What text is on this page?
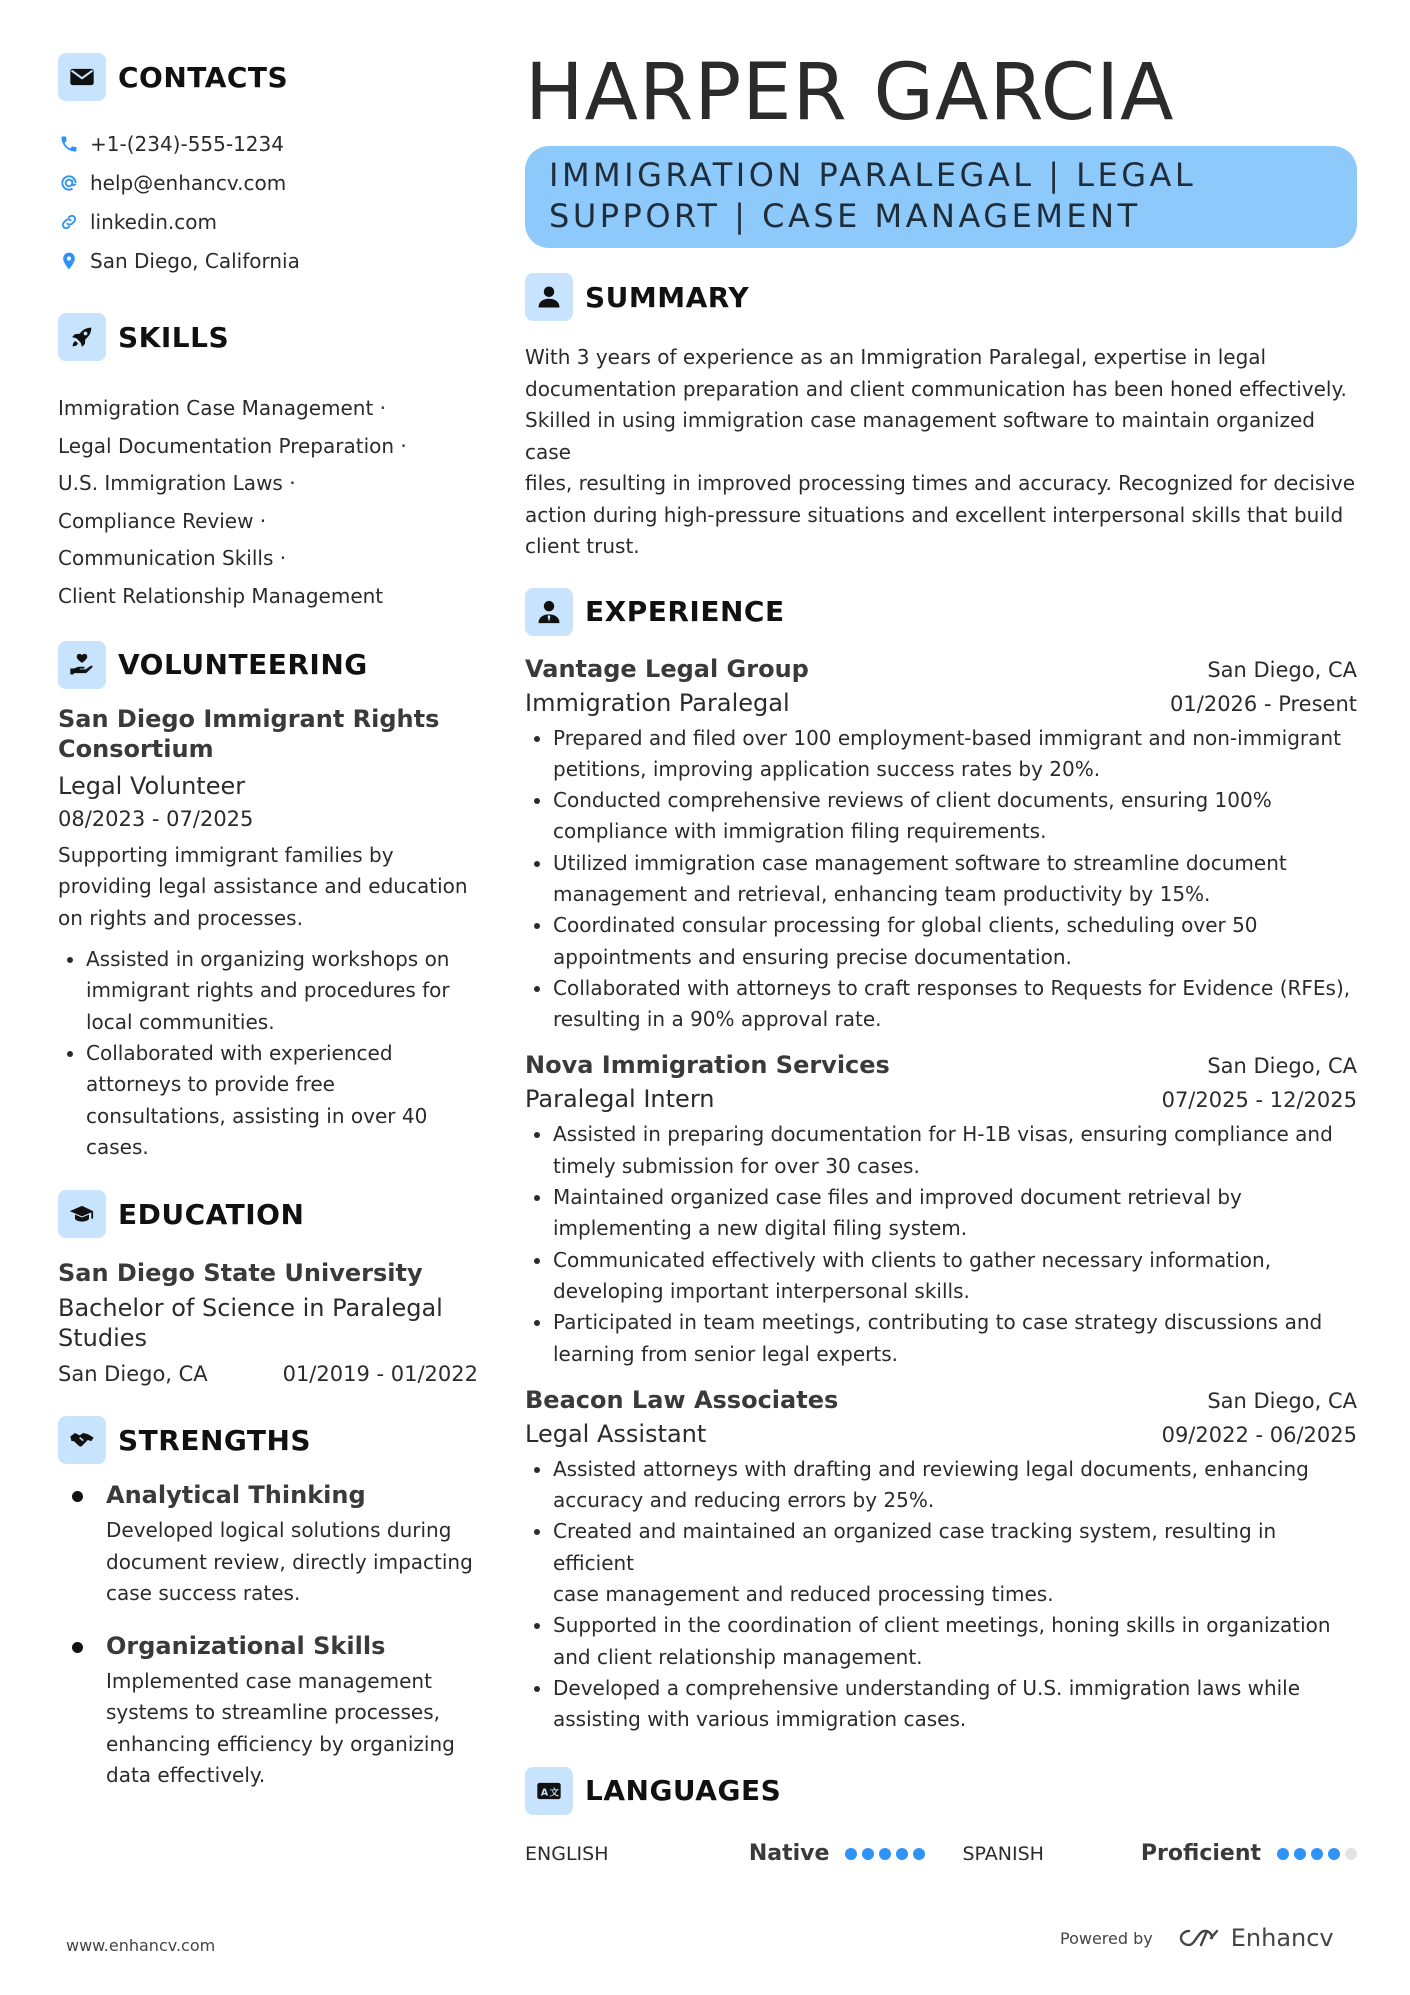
CONTACTS
+1-(234)-555-1234
help@enhancv.com
linkedin.com
San Diego, California
SKILLS
Immigration Case Management ·
Legal Documentation Preparation ·
U.S. Immigration Laws ·
Compliance Review ·
Communication Skills ·
Client Relationship Management
VOLUNTEERING
San Diego Immigrant Rights
Consortium
Legal Volunteer
08/2023 - 07/2025
Supporting immigrant families by
providing legal assistance and education
on rights and processes.
Assisted in organizing workshops on
immigrant rights and procedures for
local communities.
Collaborated with experienced
attorneys to provide free
consultations, assisting in over 40
cases.
EDUCATION
San Diego State University
Bachelor of Science in Paralegal
Studies
San Diego, CA	01/2019 - 01/2022
STRENGTHS
Analytical Thinking
Developed logical solutions during
document review, directly impacting
case success rates.
Organizational Skills
Implemented case management
systems to streamline processes,
enhancing efficiency by organizing
data effectively.
HARPER GARCIA
IMMIGRATION PARALEGAL | LEGAL
SUPPORT | CASE MANAGEMENT
SUMMARY
With 3 years of experience as an Immigration Paralegal, expertise in legal
documentation preparation and client communication has been honed effectively.
Skilled in using immigration case management software to maintain organized case
files, resulting in improved processing times and accuracy. Recognized for decisive
action during high-pressure situations and excellent interpersonal skills that build
client trust.
EXPERIENCE
Vantage Legal Group	San Diego, CA
Immigration Paralegal	01/2026 - Present
Prepared and filed over 100 employment-based immigrant and non-immigrant
petitions, improving application success rates by 20%.
Conducted comprehensive reviews of client documents, ensuring 100%
compliance with immigration filing requirements.
Utilized immigration case management software to streamline document
management and retrieval, enhancing team productivity by 15%.
Coordinated consular processing for global clients, scheduling over 50
appointments and ensuring precise documentation.
Collaborated with attorneys to craft responses to Requests for Evidence (RFEs),
resulting in a 90% approval rate.
Nova Immigration Services	San Diego, CA
Paralegal Intern	07/2025 - 12/2025
Assisted in preparing documentation for H-1B visas, ensuring compliance and
timely submission for over 30 cases.
Maintained organized case files and improved document retrieval by
implementing a new digital filing system.
Communicated effectively with clients to gather necessary information,
developing important interpersonal skills.
Participated in team meetings, contributing to case strategy discussions and
learning from senior legal experts.
Beacon Law Associates	San Diego, CA
Legal Assistant	09/2022 - 06/2025
Assisted attorneys with drafting and reviewing legal documents, enhancing
accuracy and reducing errors by 25%.
Created and maintained an organized case tracking system, resulting in efficient
case management and reduced processing times.
Supported in the coordination of client meetings, honing skills in organization
and client relationship management.
Developed a comprehensive understanding of U.S. immigration laws while
assisting with various immigration cases.
A 文 LANGUAGES
ENGLISH	Native	SPANISH	Proficient
www.enhancv.com	Powered by	Enhancv
